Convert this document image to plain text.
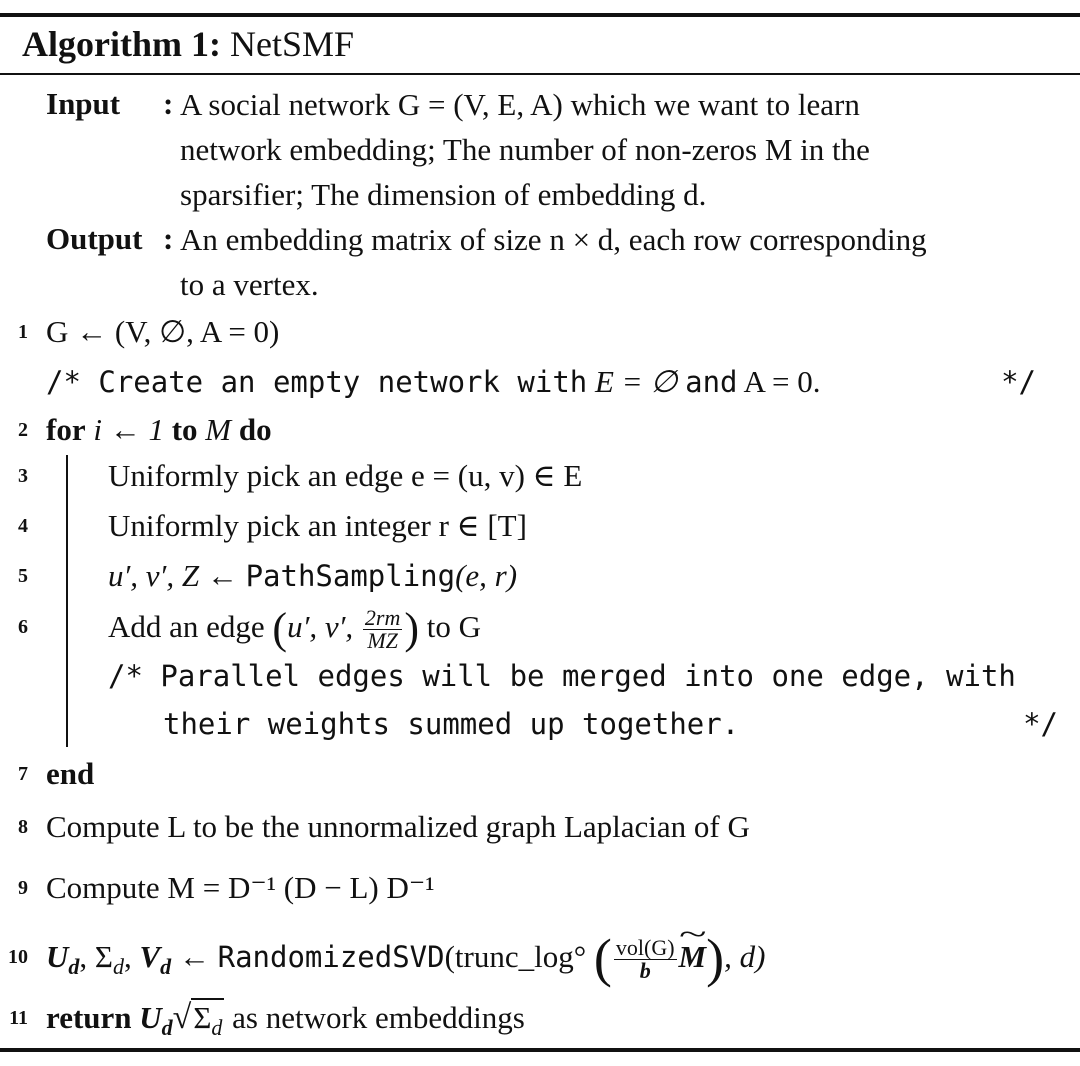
Algorithm 1: NetSMF
Input : A social network G = (V, E, A) which we want to learn
network embedding; The number of non-zeros M in the
sparsifier; The dimension of embedding d.
Output : An embedding matrix of size n × d, each row corresponding
to a vertex.
1 G ← (V, ∅, A = 0)
/* Create an empty network with E = ∅ and A = 0.	*/
2 for i ← 1 to M do
3	Uniformly pick an edge e = (u, v) ∈ E
4	Uniformly pick an integer r ∈ [T]
5	u′, v′, Z ← PathSampling(e, r)
6	Add an edge (u′, v′, $\frac{2rm}{MZ}$ ) to G
/* Parallel edges will be merged into one edge, with
their weights summed up together.	*/
7 end
8 Compute L to be the unnormalized graph Laplacian of G
9 Compute M = D⁻¹ (D − L) D⁻¹
10 $U_d$, $\Sigma_d$, $V_d$ ← RandomizedSVD(trunc_log° ( $\frac{\text{vol(G)}}{b}$
~ M), d)
11 return $U_d√\Sigma_d$ as network embeddings
